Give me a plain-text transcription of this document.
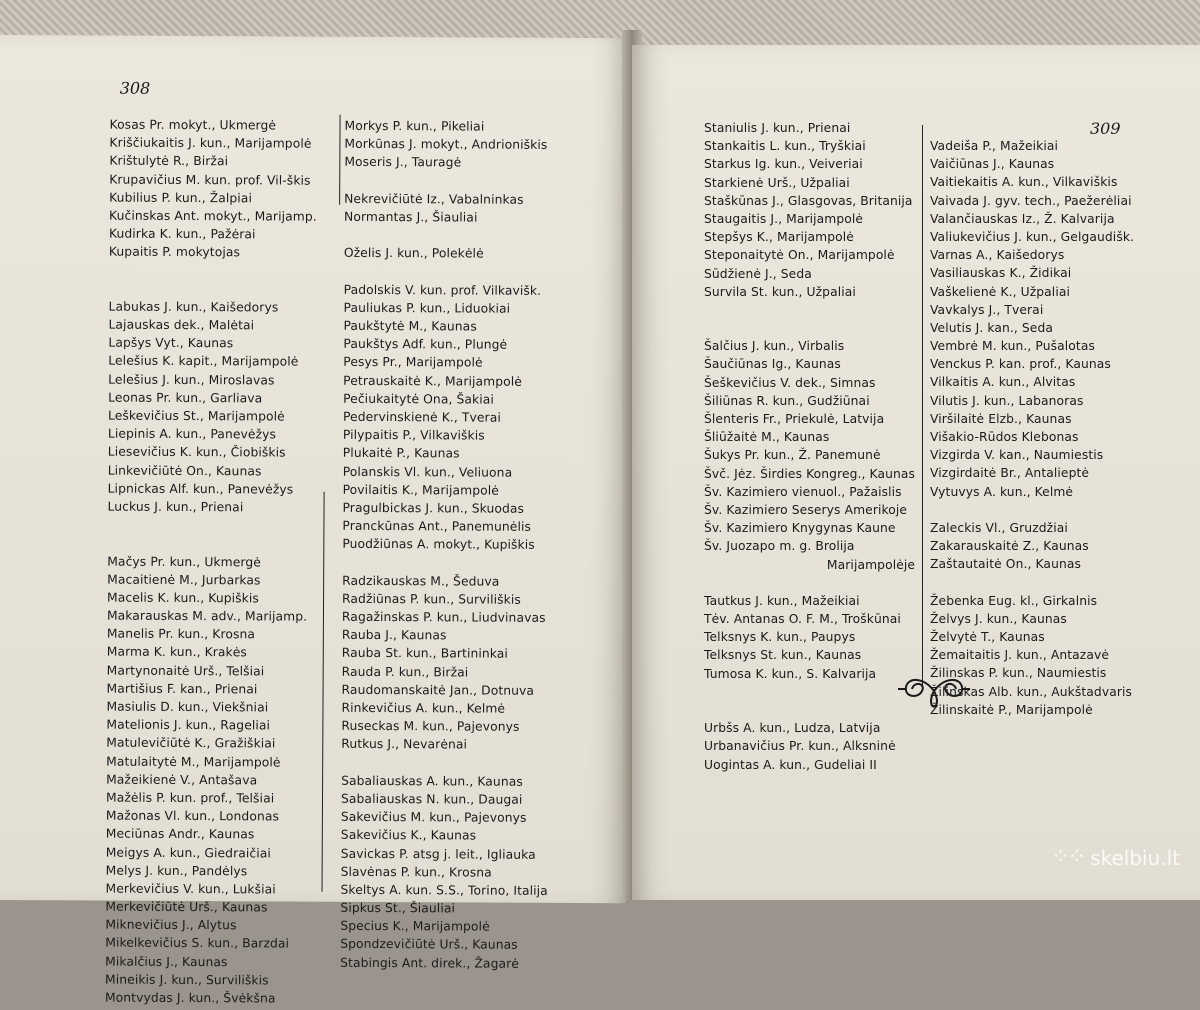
308
Kosas Pr. mokyt., Ukmergė
Kriščiukaitis J. kun., Marijampolė
Krištulytė R., Biržai
Krupavičius M. kun. prof. Vil-škis
Kubilius P. kun., Žalpiai
Kučinskas Ant. mokyt., Marijamp.
Kudirka K. kun., Pažėrai
Kupaitis P. mokytojas
Labukas J. kun., Kaišedorys
Lajauskas dek., Malėtai
Lapšys Vyt., Kaunas
Lelešius K. kapit., Marijampolė
Lelešius J. kun., Miroslavas
Leonas Pr. kun., Garliava
Leškevičius St., Marijampolė
Liepinis A. kun., Panevėžys
Liesevičius K. kun., Čiobiškis
Linkevičiūtė On., Kaunas
Lipnickas Alf. kun., Panevėžys
Luckus J. kun., Prienai
Mačys Pr. kun., Ukmergė
Macaitienė M., Jurbarkas
Macelis K. kun., Kupiškis
Makarauskas M. adv., Marijamp.
Manelis Pr. kun., Krosna
Marma K. kun., Krakės
Martynonaitė Urš., Telšiai
Martišius F. kan., Prienai
Masiulis D. kun., Viekšniai
Matelionis J. kun., Rageliai
Matulevičiūtė K., Gražiškiai
Matulaitytė M., Marijampolė
Mažeikienė V., Antašava
Mažėlis P. kun. prof., Telšiai
Mažonas Vl. kun., Londonas
Meciūnas Andr., Kaunas
Meigys A. kun., Giedraičiai
Melys J. kun., Pandėlys
Merkevičius V. kun., Lukšiai
Merkevičiūtė Urš., Kaunas
Miknevičius J., Alytus
Mikelkevičius S. kun., Barzdai
Mikalčius J., Kaunas
Mineikis J. kun., Surviliškis
Montvydas J. kun., Švėkšna
Morkys P. kun., Pikeliai
Morkūnas J. mokyt., Andrioniškis
Moseris J., Tauragė
Nekrevičiūtė Iz., Vabalninkas
Normantas J., Šiauliai
Oželis J. kun., Polekėlė
Padolskis V. kun. prof. Vilkavišk.
Pauliukas P. kun., Liduokiai
Paukštytė M., Kaunas
Paukštys Adf. kun., Plungė
Pesys Pr., Marijampolė
Petrauskaitė K., Marijampolė
Pečiukaitytė Ona, Šakiai
Pedervinskienė K., Tverai
Pilypaitis P., Vilkaviškis
Plukaitė P., Kaunas
Polanskis Vl. kun., Veliuona
Povilaitis K., Marijampolė
Pragulbickas J. kun., Skuodas
Pranckūnas Ant., Panemunėlis
Puodžiūnas A. mokyt., Kupiškis
Radzikauskas M., Šeduva
Radžiūnas P. kun., Surviliškis
Ragažinskas P. kun., Liudvinavas
Rauba J., Kaunas
Rauba St. kun., Bartininkai
Rauda P. kun., Biržai
Raudomanskaitė Jan., Dotnuva
Rinkevičius A. kun., Kelmė
Ruseckas M. kun., Pajevonys
Rutkus J., Nevarėnai
Sabaliauskas A. kun., Kaunas
Sabaliauskas N. kun., Daugai
Sakevičius M. kun., Pajevonys
Sakevičius K., Kaunas
Savickas P. atsg j. leit., Igliauka
Slavėnas P. kun., Krosna
Skeltys A. kun. S.S., Torino, Italija
Sipkus St., Šiauliai
Specius K., Marijampolė
Spondzevičiūtė Urš., Kaunas
Stabingis Ant. direk., Žagarė
309
Staniulis J. kun., Prienai
Stankaitis L. kun., Tryškiai
Starkus Ig. kun., Veiveriai
Starkienė Urš., Užpaliai
Staškūnas J., Glasgovas, Britanija
Staugaitis J., Marijampolė
Stepšys K., Marijampolė
Steponaitytė On., Marijampolė
Sūdžienė J., Seda
Survila St. kun., Užpaliai
Šalčius J. kun., Virbalis
Šaučiūnas Ig., Kaunas
Šeškevičius V. dek., Simnas
Šiliūnas R. kun., Gudžiūnai
Šlenteris Fr., Priekulė, Latvija
Šliūžaitė M., Kaunas
Šukys Pr. kun., Ž. Panemunė
Švč. Jėz. Širdies Kongreg., Kaunas
Šv. Kazimiero vienuol., Pažaislis
Šv. Kazimiero Seserys Amerikoje
Šv. Kazimiero Knygynas Kaune
Šv. Juozapo m. g. Brolija
Marijampolėje
Tautkus J. kun., Mažeikiai
Tėv. Antanas O. F. M., Troškūnai
Telksnys K. kun., Paupys
Telksnys St. kun., Kaunas
Tumosa K. kun., S. Kalvarija
Urbšs A. kun., Ludza, Latvija
Urbanavičius Pr. kun., Alksninė
Uogintas A. kun., Gudeliai II
Vadeiša P., Mažeikiai
Vaičiūnas J., Kaunas
Vaitiekaitis A. kun., Vilkaviškis
Vaivada J. gyv. tech., Paežerėliai
Valančiauskas Iz., Ž. Kalvarija
Valiukevičius J. kun., Gelgaudišk.
Varnas A., Kaišedorys
Vasiliauskas K., Židikai
Vaškelienė K., Užpaliai
Vavkalys J., Tverai
Velutis J. kan., Seda
Vembrė M. kun., Pušalotas
Venckus P. kan. prof., Kaunas
Vilkaitis A. kun., Alvitas
Vilutis J. kun., Labanoras
Viršilaitė Elzb., Kaunas
Višakio-Rūdos Klebonas
Vizgirda V. kan., Naumiestis
Vizgirdaitė Br., Antalieptė
Vytuvys A. kun., Kelmė
Zaleckis Vl., Gruzdžiai
Zakarauskaitė Z., Kaunas
Zaštautaitė On., Kaunas
Žebenka Eug. kl., Girkalnis
Želvys J. kun., Kaunas
Želvytė T., Kaunas
Žemaitaitis J. kun., Antazavė
Žilinskas P. kun., Naumiestis
Žilinskas Alb. kun., Aukštadvaris
Žilinskaitė P., Marijampolė
⁘⁘ skelbiu.lt
